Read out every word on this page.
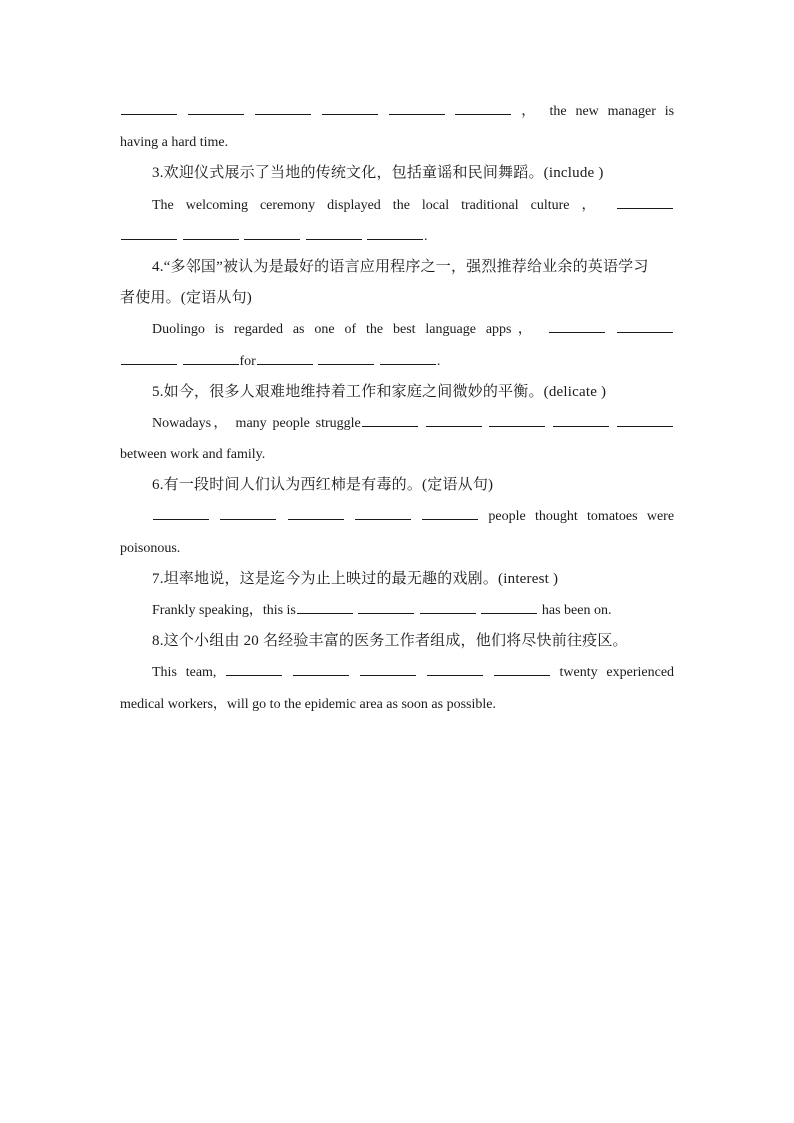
， the new manager is
having a hard time.
3.欢迎仪式展示了当地的传统文化，包括童谣和民间舞蹈。(include )
The welcoming ceremony displayed the local traditional culture ，
.
4.“多邻国”被认为是最好的语言应用程序之一，强烈推荐给业余的英语学习
者使用。(定语从句)
Duolingo is regarded as one of the best language apps，
for	.
5.如今，很多人艰难地维持着工作和家庭之间微妙的平衡。(delicate )
Nowadays， many people struggle
between work and family.
6.有一段时间人们认为西红柿是有毒的。(定语从句)
people thought tomatoes were
poisonous.
7.坦率地说，这是迄今为止上映过的最无趣的戏剧。(interest )
Frankly speaking，this is	has been on.
8.这个小组由 20 名经验丰富的医务工作者组成，他们将尽快前往疫区。
This team,	twenty experienced
medical workers，will go to the epidemic area as soon as possible.
